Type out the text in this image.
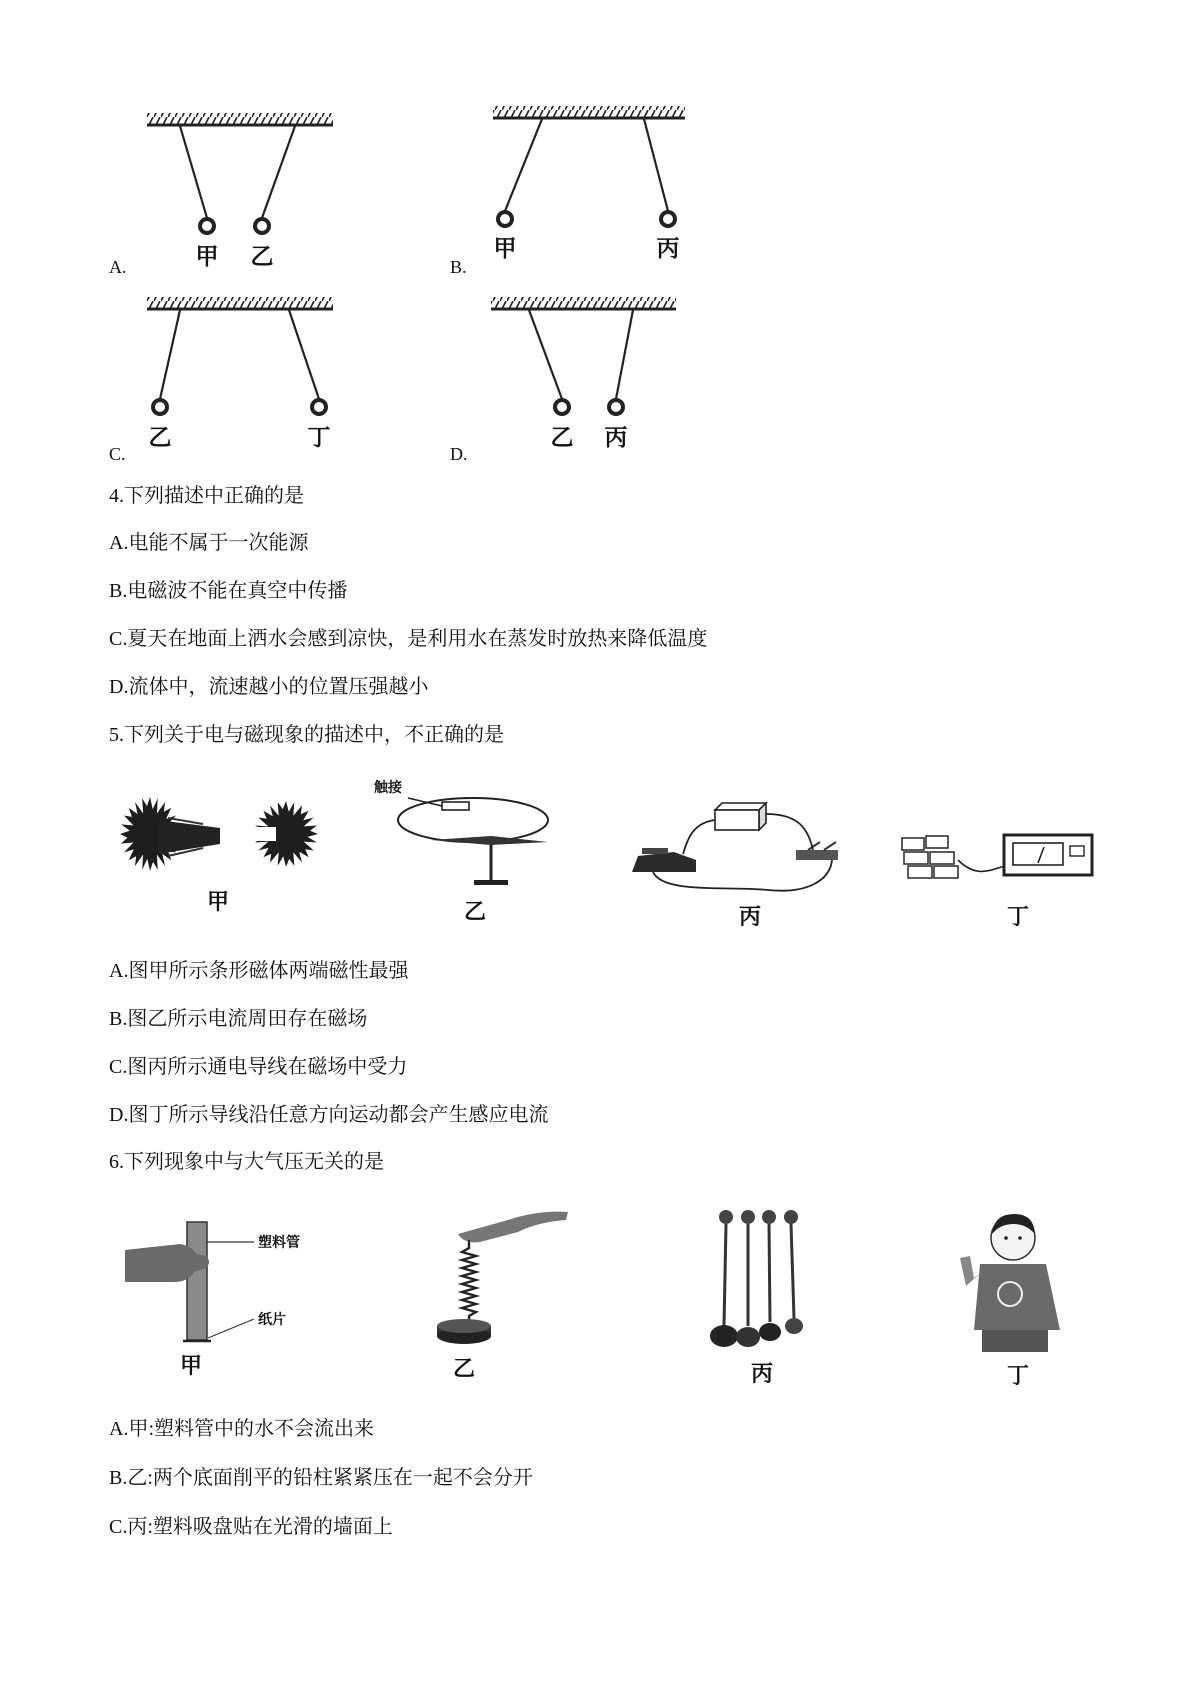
甲 乙
A.
甲	丙
B.
乙	丁
C.
乙 丙
D.
4.下列描述中正确的是
A.电能不属于一次能源
B.电磁波不能在真空中传播
C.夏天在地面上洒水会感到凉快，是利用水在蒸发时放热来降低温度
D.流体中，流速越小的位置压强越小
5.下列关于电与磁现象的描述中，不正确的是
甲
触接
乙	丙	丁
A.图甲所示条形磁体两端磁性最强
B.图乙所示电流周田存在磁场
C.图丙所示通电导线在磁场中受力
D.图丁所示导线沿任意方向运动都会产生感应电流
6.下列现象中与大气压无关的是
塑料管
纸片
甲	乙	丙	丁
A.甲:塑料管中的水不会流出来
B.乙:两个底面削平的铅柱紧紧压在一起不会分开
C.丙:塑料吸盘贴在光滑的墙面上
